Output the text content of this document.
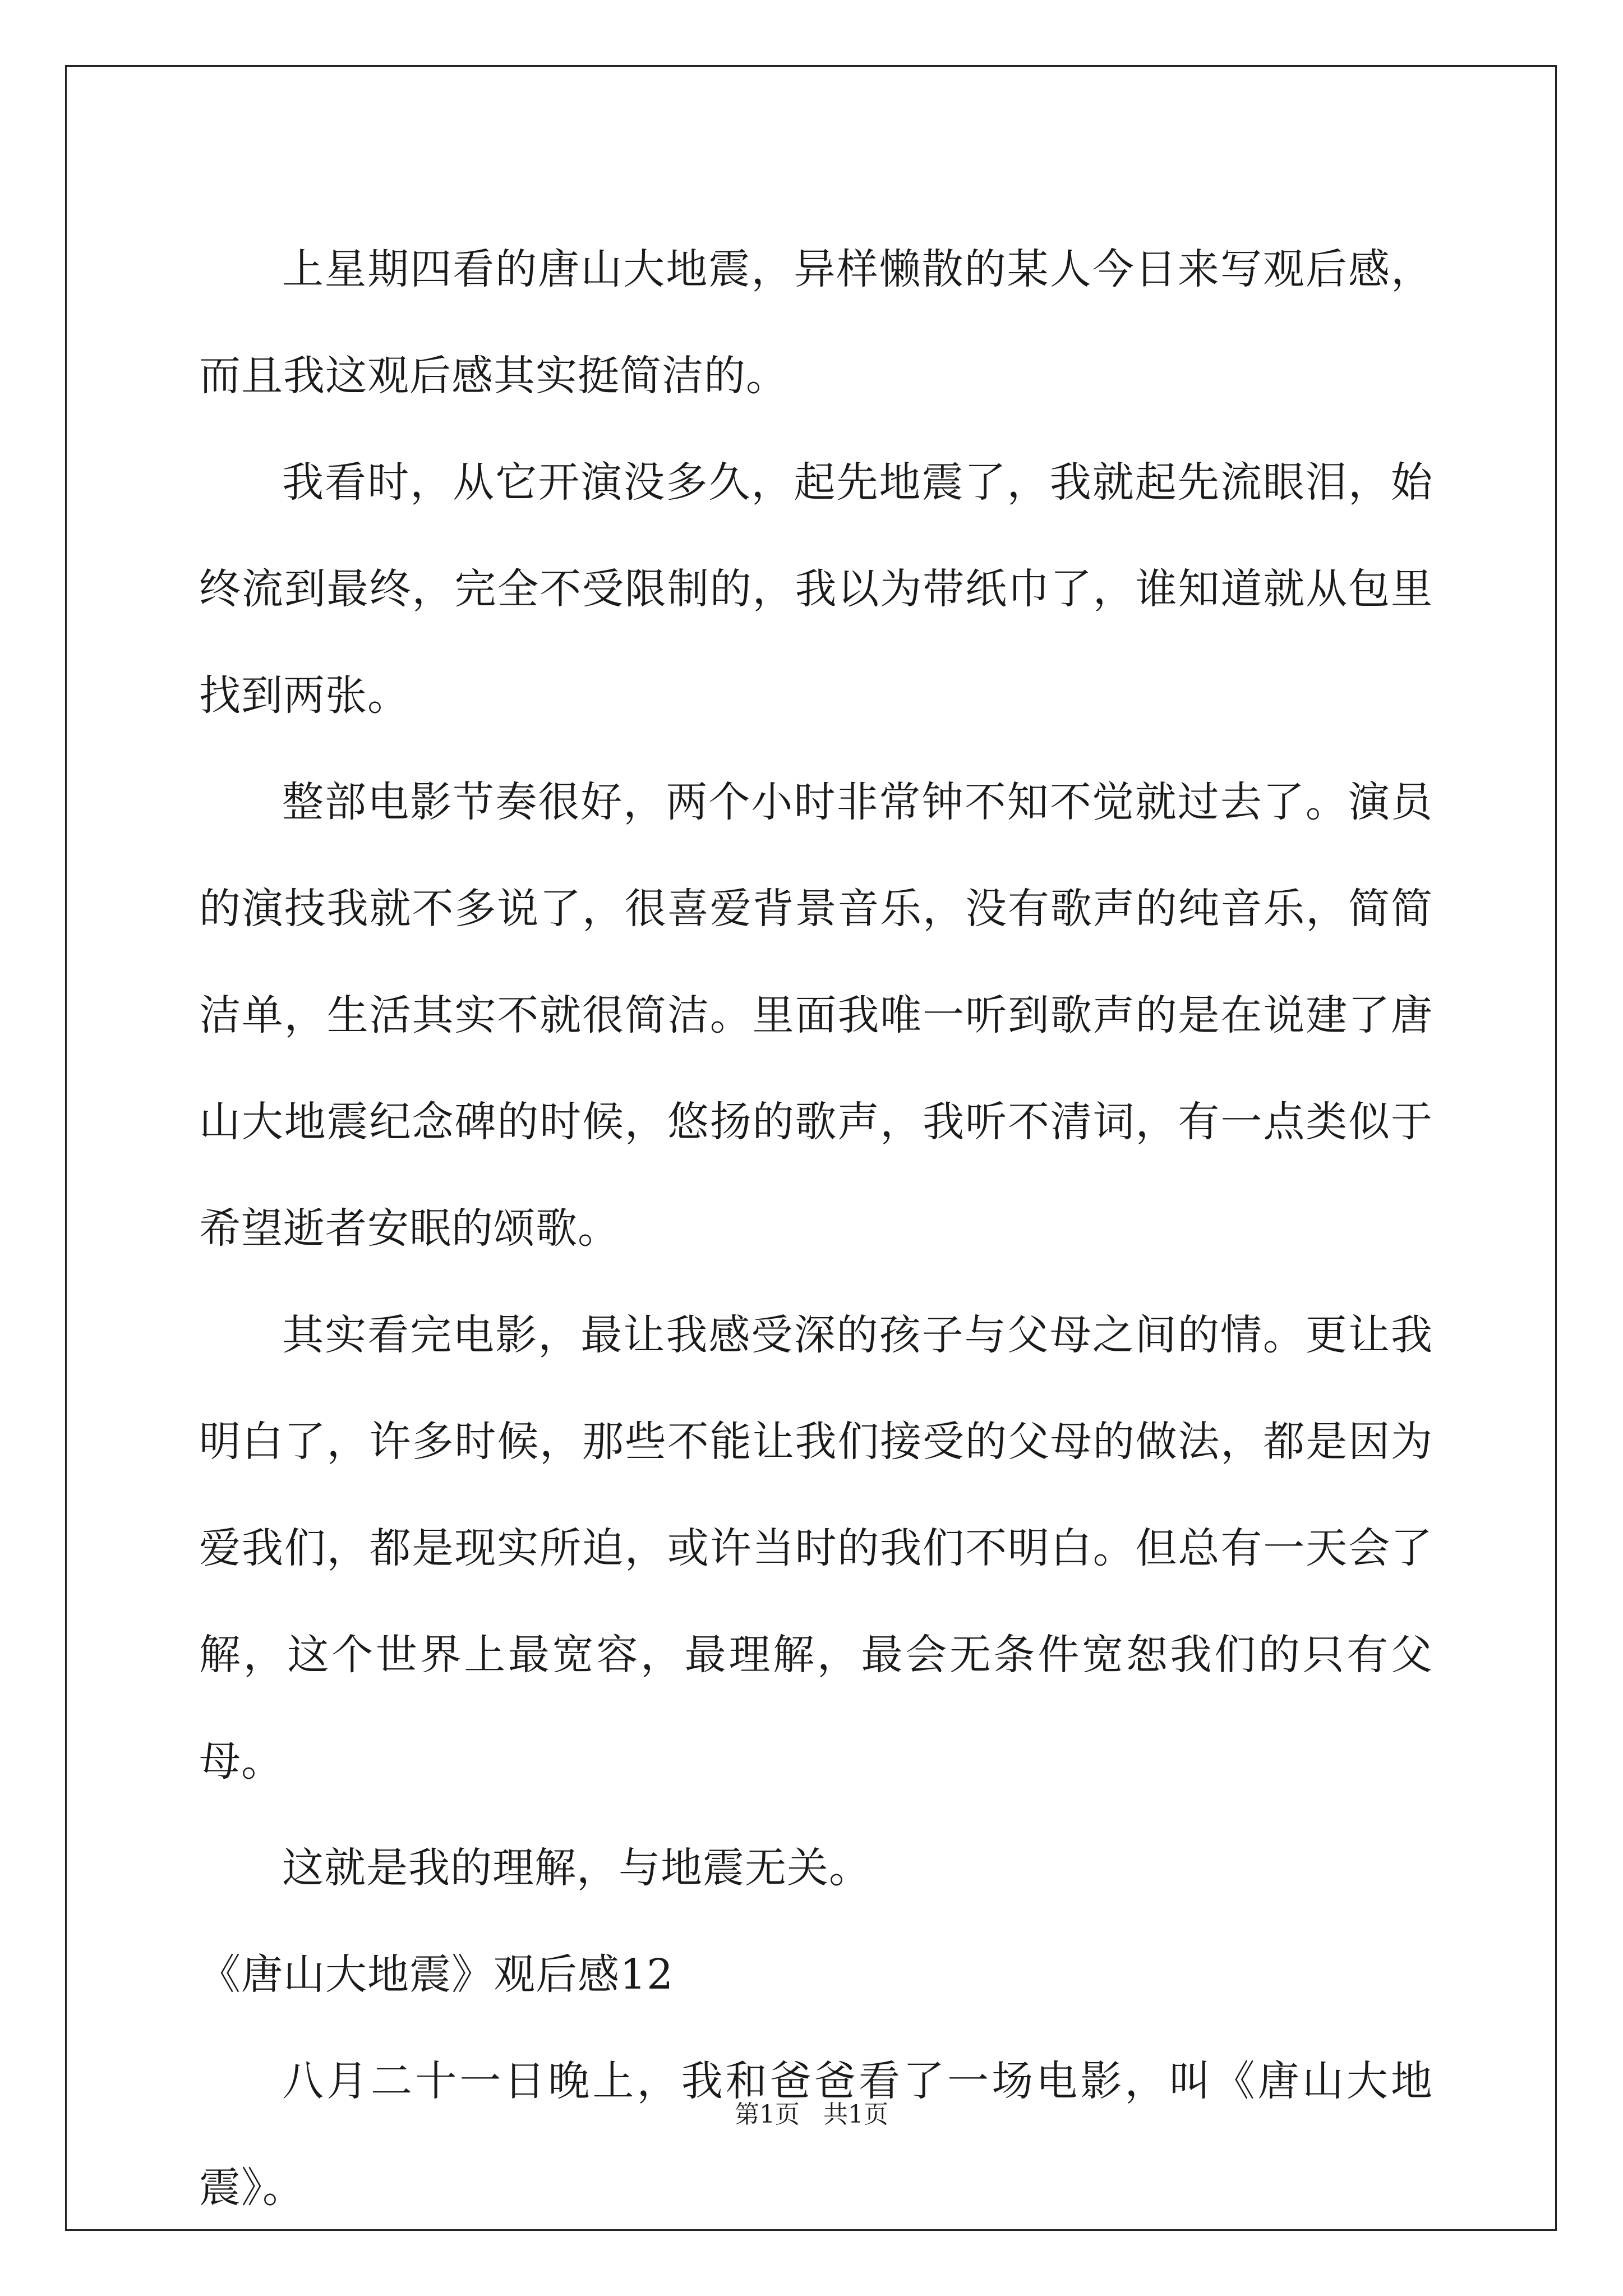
上星期四看的唐山大地震，异样懒散的某人今日来写观后感，而且我这观后感其实挺简洁的。

我看时，从它开演没多久，起先地震了，我就起先流眼泪，始终流到最终，完全不受限制的，我以为带纸巾了，谁知道就从包里找到两张。

整部电影节奏很好，两个小时非常钟不知不觉就过去了。演员的演技我就不多说了，很喜爱背景音乐，没有歌声的纯音乐，简简洁单，生活其实不就很简洁。里面我唯一听到歌声的是在说建了唐山大地震纪念碑的时候，悠扬的歌声，我听不清词，有一点类似于希望逝者安眠的颂歌。

其实看完电影，最让我感受深的孩子与父母之间的情。更让我明白了，许多时候，那些不能让我们接受的父母的做法，都是因为爱我们，都是现实所迫，或许当时的我们不明白。但总有一天会了解，这个世界上最宽容，最理解，最会无条件宽恕我们的只有父母。

这就是我的理解，与地震无关。

《唐山大地震》观后感12

八月二十一日晚上，我和爸爸看了一场电影，叫《唐山大地震》。

第1页 共1页
